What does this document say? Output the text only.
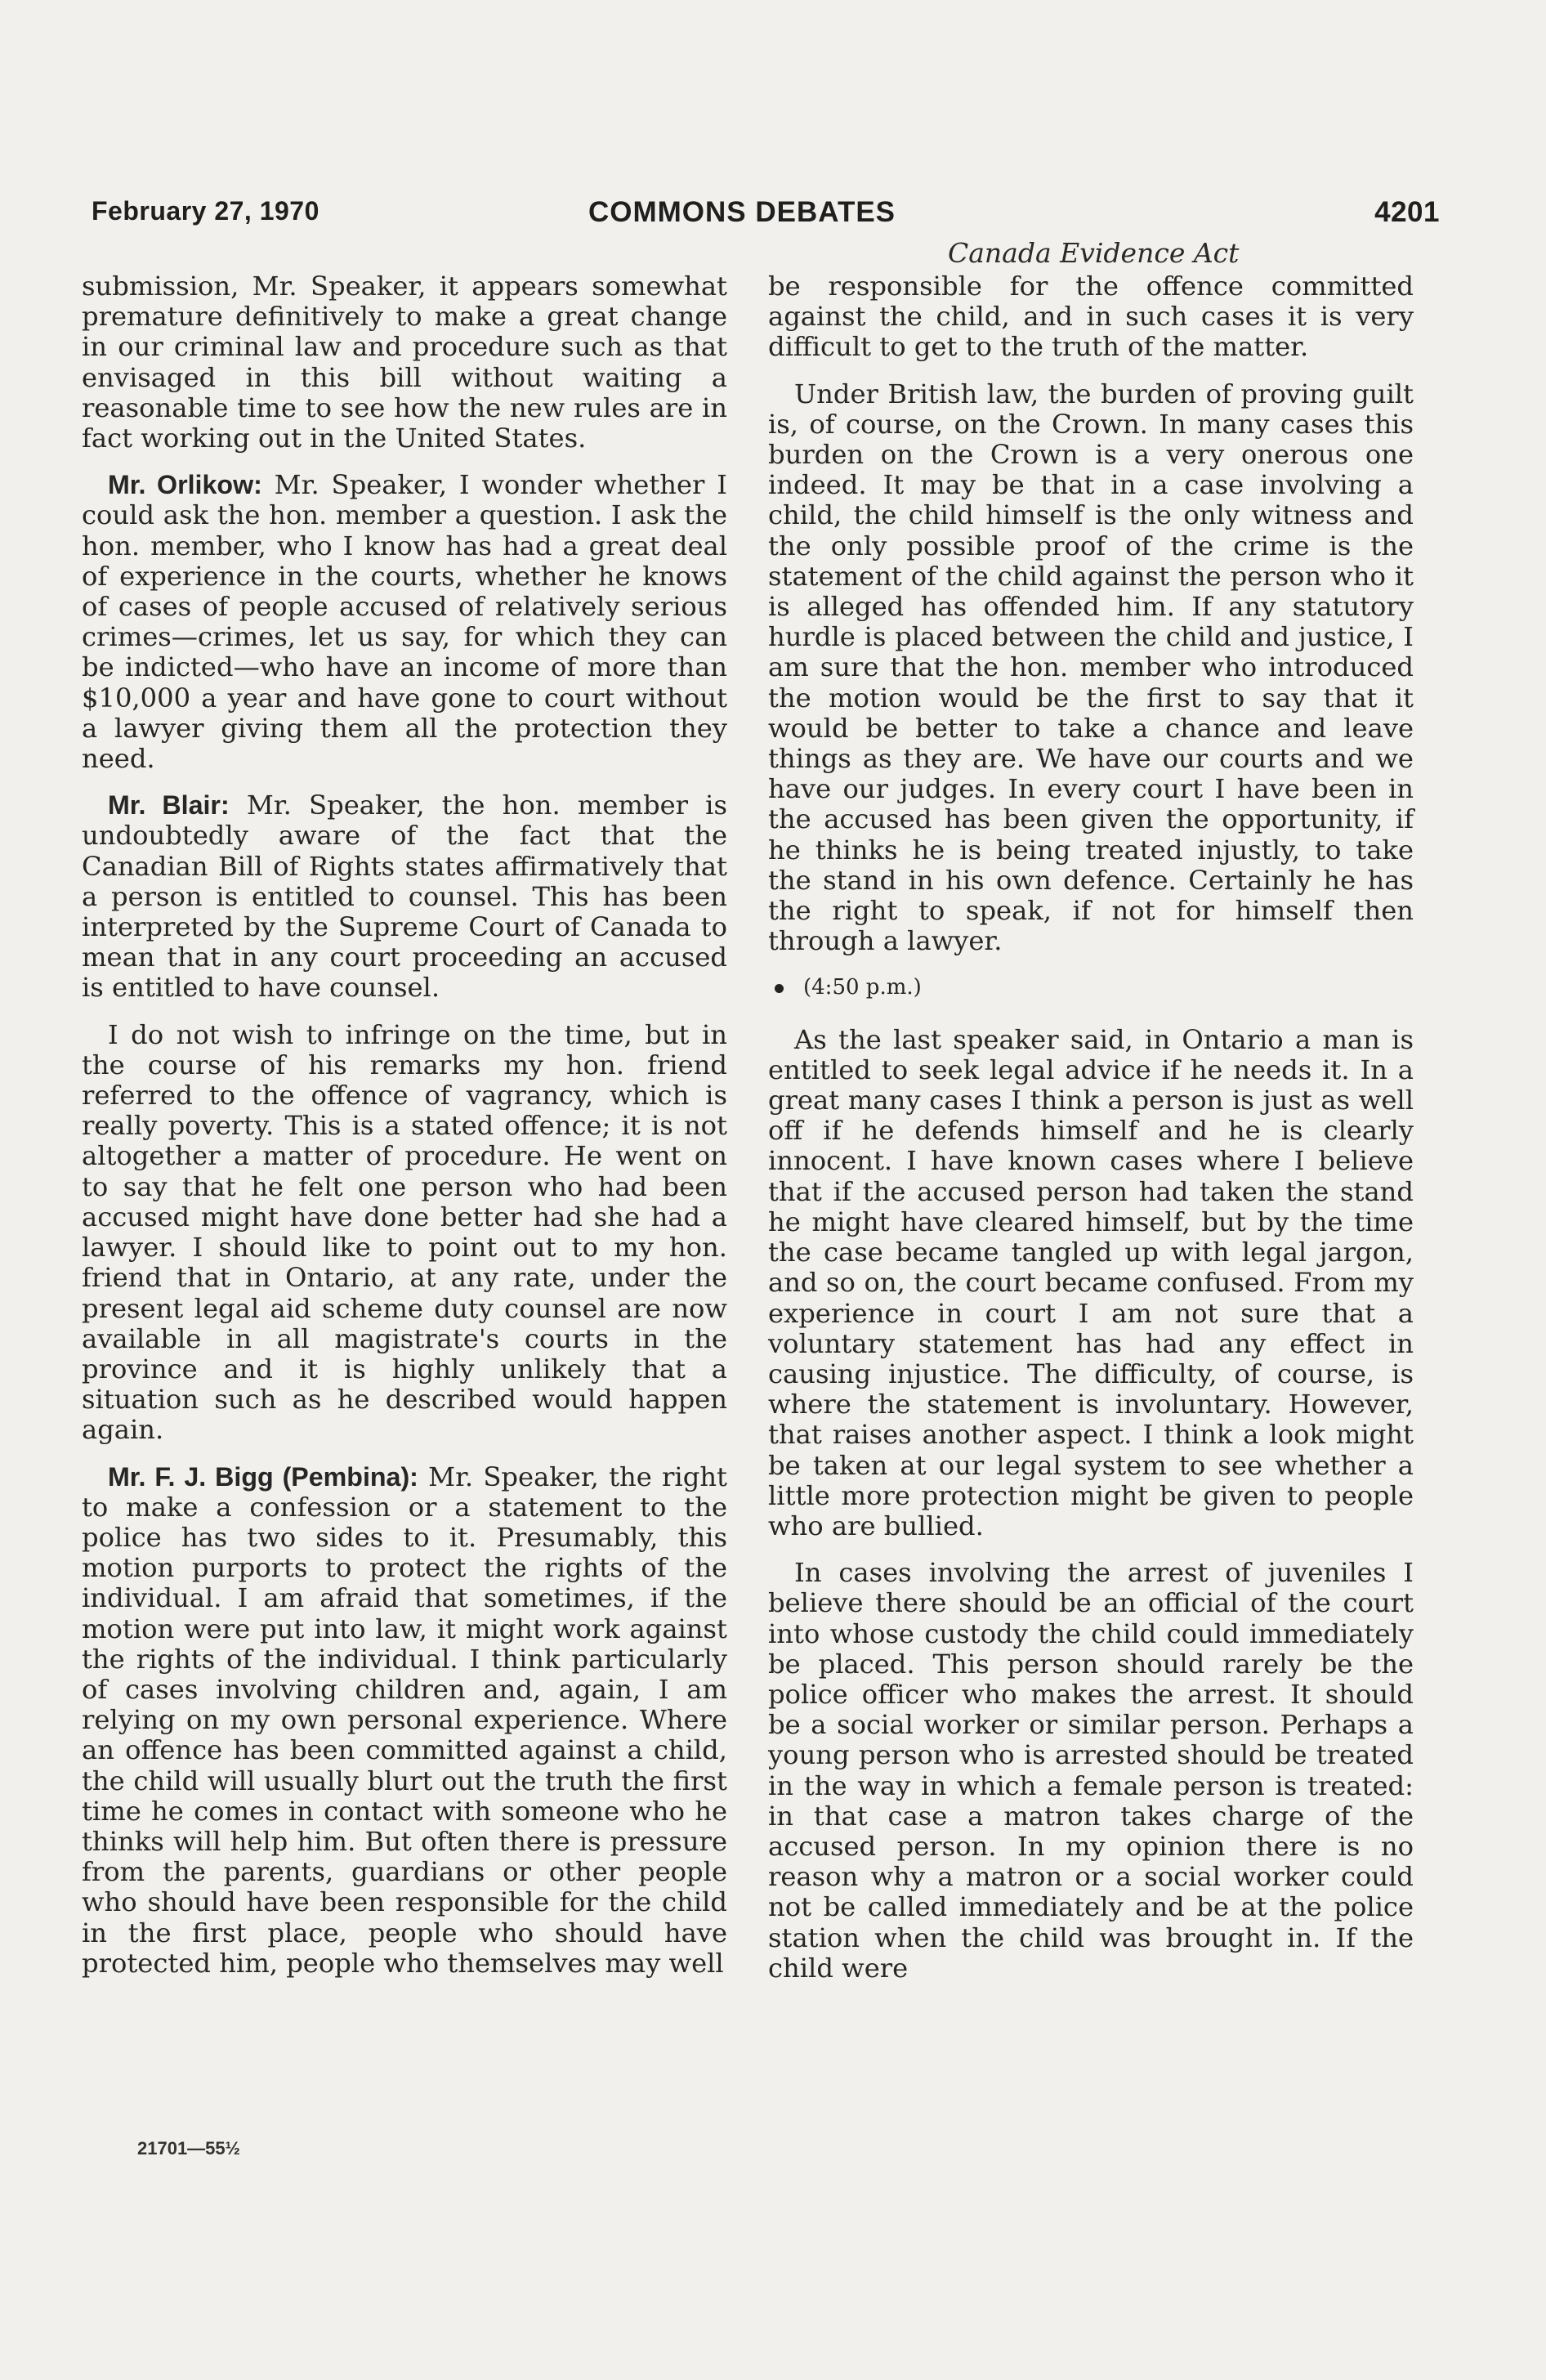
February 27, 1970	COMMONS DEBATES	4201
Canada Evidence Act

submission, Mr. Speaker, it appears somewhat premature definitively to make a great change in our criminal law and procedure such as that envisaged in this bill without waiting a reasonable time to see how the new rules are in fact working out in the United States.

Mr. Orlikow: Mr. Speaker, I wonder whether I could ask the hon. member a question. I ask the hon. member, who I know has had a great deal of experience in the courts, whether he knows of cases of people accused of relatively serious crimes—crimes, let us say, for which they can be indicted—who have an income of more than $10,000 a year and have gone to court without a lawyer giving them all the protection they need.

Mr. Blair: Mr. Speaker, the hon. member is undoubtedly aware of the fact that the Canadian Bill of Rights states affirmatively that a person is entitled to counsel. This has been interpreted by the Supreme Court of Canada to mean that in any court proceeding an accused is entitled to have counsel.

I do not wish to infringe on the time, but in the course of his remarks my hon. friend referred to the offence of vagrancy, which is really poverty. This is a stated offence; it is not altogether a matter of procedure. He went on to say that he felt one person who had been accused might have done better had she had a lawyer. I should like to point out to my hon. friend that in Ontario, at any rate, under the present legal aid scheme duty counsel are now available in all magistrate's courts in the province and it is highly unlikely that a situation such as he described would happen again.

Mr. F. J. Bigg (Pembina): Mr. Speaker, the right to make a confession or a statement to the police has two sides to it. Presumably, this motion purports to protect the rights of the individual. I am afraid that sometimes, if the motion were put into law, it might work against the rights of the individual. I think particularly of cases involving children and, again, I am relying on my own personal experience. Where an offence has been committed against a child, the child will usually blurt out the truth the first time he comes in contact with someone who he thinks will help him. But often there is pressure from the parents, guardians or other people who should have been responsible for the child in the first place, people who should have protected him, people who themselves may well

be responsible for the offence committed against the child, and in such cases it is very difficult to get to the truth of the matter.

Under British law, the burden of proving guilt is, of course, on the Crown. In many cases this burden on the Crown is a very onerous one indeed. It may be that in a case involving a child, the child himself is the only witness and the only possible proof of the crime is the statement of the child against the person who it is alleged has offended him. If any statutory hurdle is placed between the child and justice, I am sure that the hon. member who introduced the motion would be the first to say that it would be better to take a chance and leave things as they are. We have our courts and we have our judges. In every court I have been in the accused has been given the opportunity, if he thinks he is being treated injustly, to take the stand in his own defence. Certainly he has the right to speak, if not for himself then through a lawyer.

(4:50 p.m.)

As the last speaker said, in Ontario a man is entitled to seek legal advice if he needs it. In a great many cases I think a person is just as well off if he defends himself and he is clearly innocent. I have known cases where I believe that if the accused person had taken the stand he might have cleared himself, but by the time the case became tangled up with legal jargon, and so on, the court became confused. From my experience in court I am not sure that a voluntary statement has had any effect in causing injustice. The difficulty, of course, is where the statement is involuntary. However, that raises another aspect. I think a look might be taken at our legal system to see whether a little more protection might be given to people who are bullied.

In cases involving the arrest of juveniles I believe there should be an official of the court into whose custody the child could immediately be placed. This person should rarely be the police officer who makes the arrest. It should be a social worker or similar person. Perhaps a young person who is arrested should be treated in the way in which a female person is treated: in that case a matron takes charge of the accused person. In my opinion there is no reason why a matron or a social worker could not be called immediately and be at the police station when the child was brought in. If the child were

21701—55½
